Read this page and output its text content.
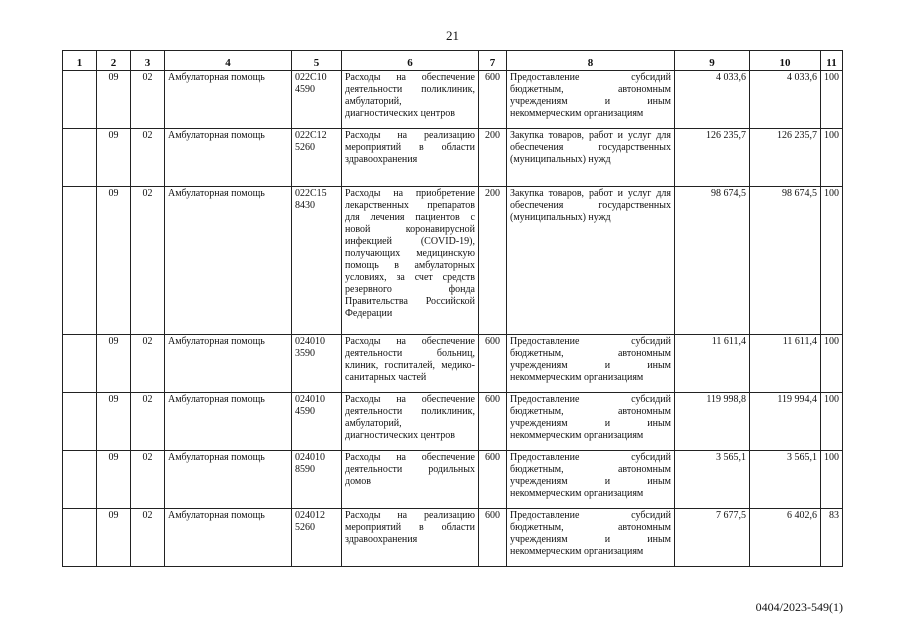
21
1	2	3	4	5	6	7	8	9	10	11
	09	02	Амбулаторная помощь	022C10 4590	Расходы на обеспечение деятельности поликлиник, амбулаторий, диагностических центров	600	Предоставление субсидий бюджетным, автономным учреждениям и иным некоммерческим организациям	4 033,6	4 033,6	100
	09	02	Амбулаторная помощь	022C12 5260	Расходы на реализацию мероприятий в области здравоохранения	200	Закупка товаров, работ и услуг для обеспечения государственных (муниципальных) нужд	126 235,7	126 235,7	100
	09	02	Амбулаторная помощь	022C15 8430	Расходы на приобретение лекарственных препаратов для лечения пациентов с новой коронавирусной инфекцией (COVID-19), получающих медицинскую помощь в амбулаторных условиях, за счет средств резервного фонда Правительства Российской Федерации	200	Закупка товаров, работ и услуг для обеспечения государственных (муниципальных) нужд	98 674,5	98 674,5	100
	09	02	Амбулаторная помощь	024010 3590	Расходы на обеспечение деятельности больниц, клиник, госпиталей, медико-санитарных частей	600	Предоставление субсидий бюджетным, автономным учреждениям и иным некоммерческим организациям	11 611,4	11 611,4	100
	09	02	Амбулаторная помощь	024010 4590	Расходы на обеспечение деятельности поликлиник, амбулаторий, диагностических центров	600	Предоставление субсидий бюджетным, автономным учреждениям и иным некоммерческим организациям	119 998,8	119 994,4	100
	09	02	Амбулаторная помощь	024010 8590	Расходы на обеспечение деятельности родильных домов	600	Предоставление субсидий бюджетным, автономным учреждениям и иным некоммерческим организациям	3 565,1	3 565,1	100
	09	02	Амбулаторная помощь	024012 5260	Расходы на реализацию мероприятий в области здравоохранения	600	Предоставление субсидий бюджетным, автономным учреждениям и иным некоммерческим организациям	7 677,5	6 402,6	83
0404/2023-549(1)
